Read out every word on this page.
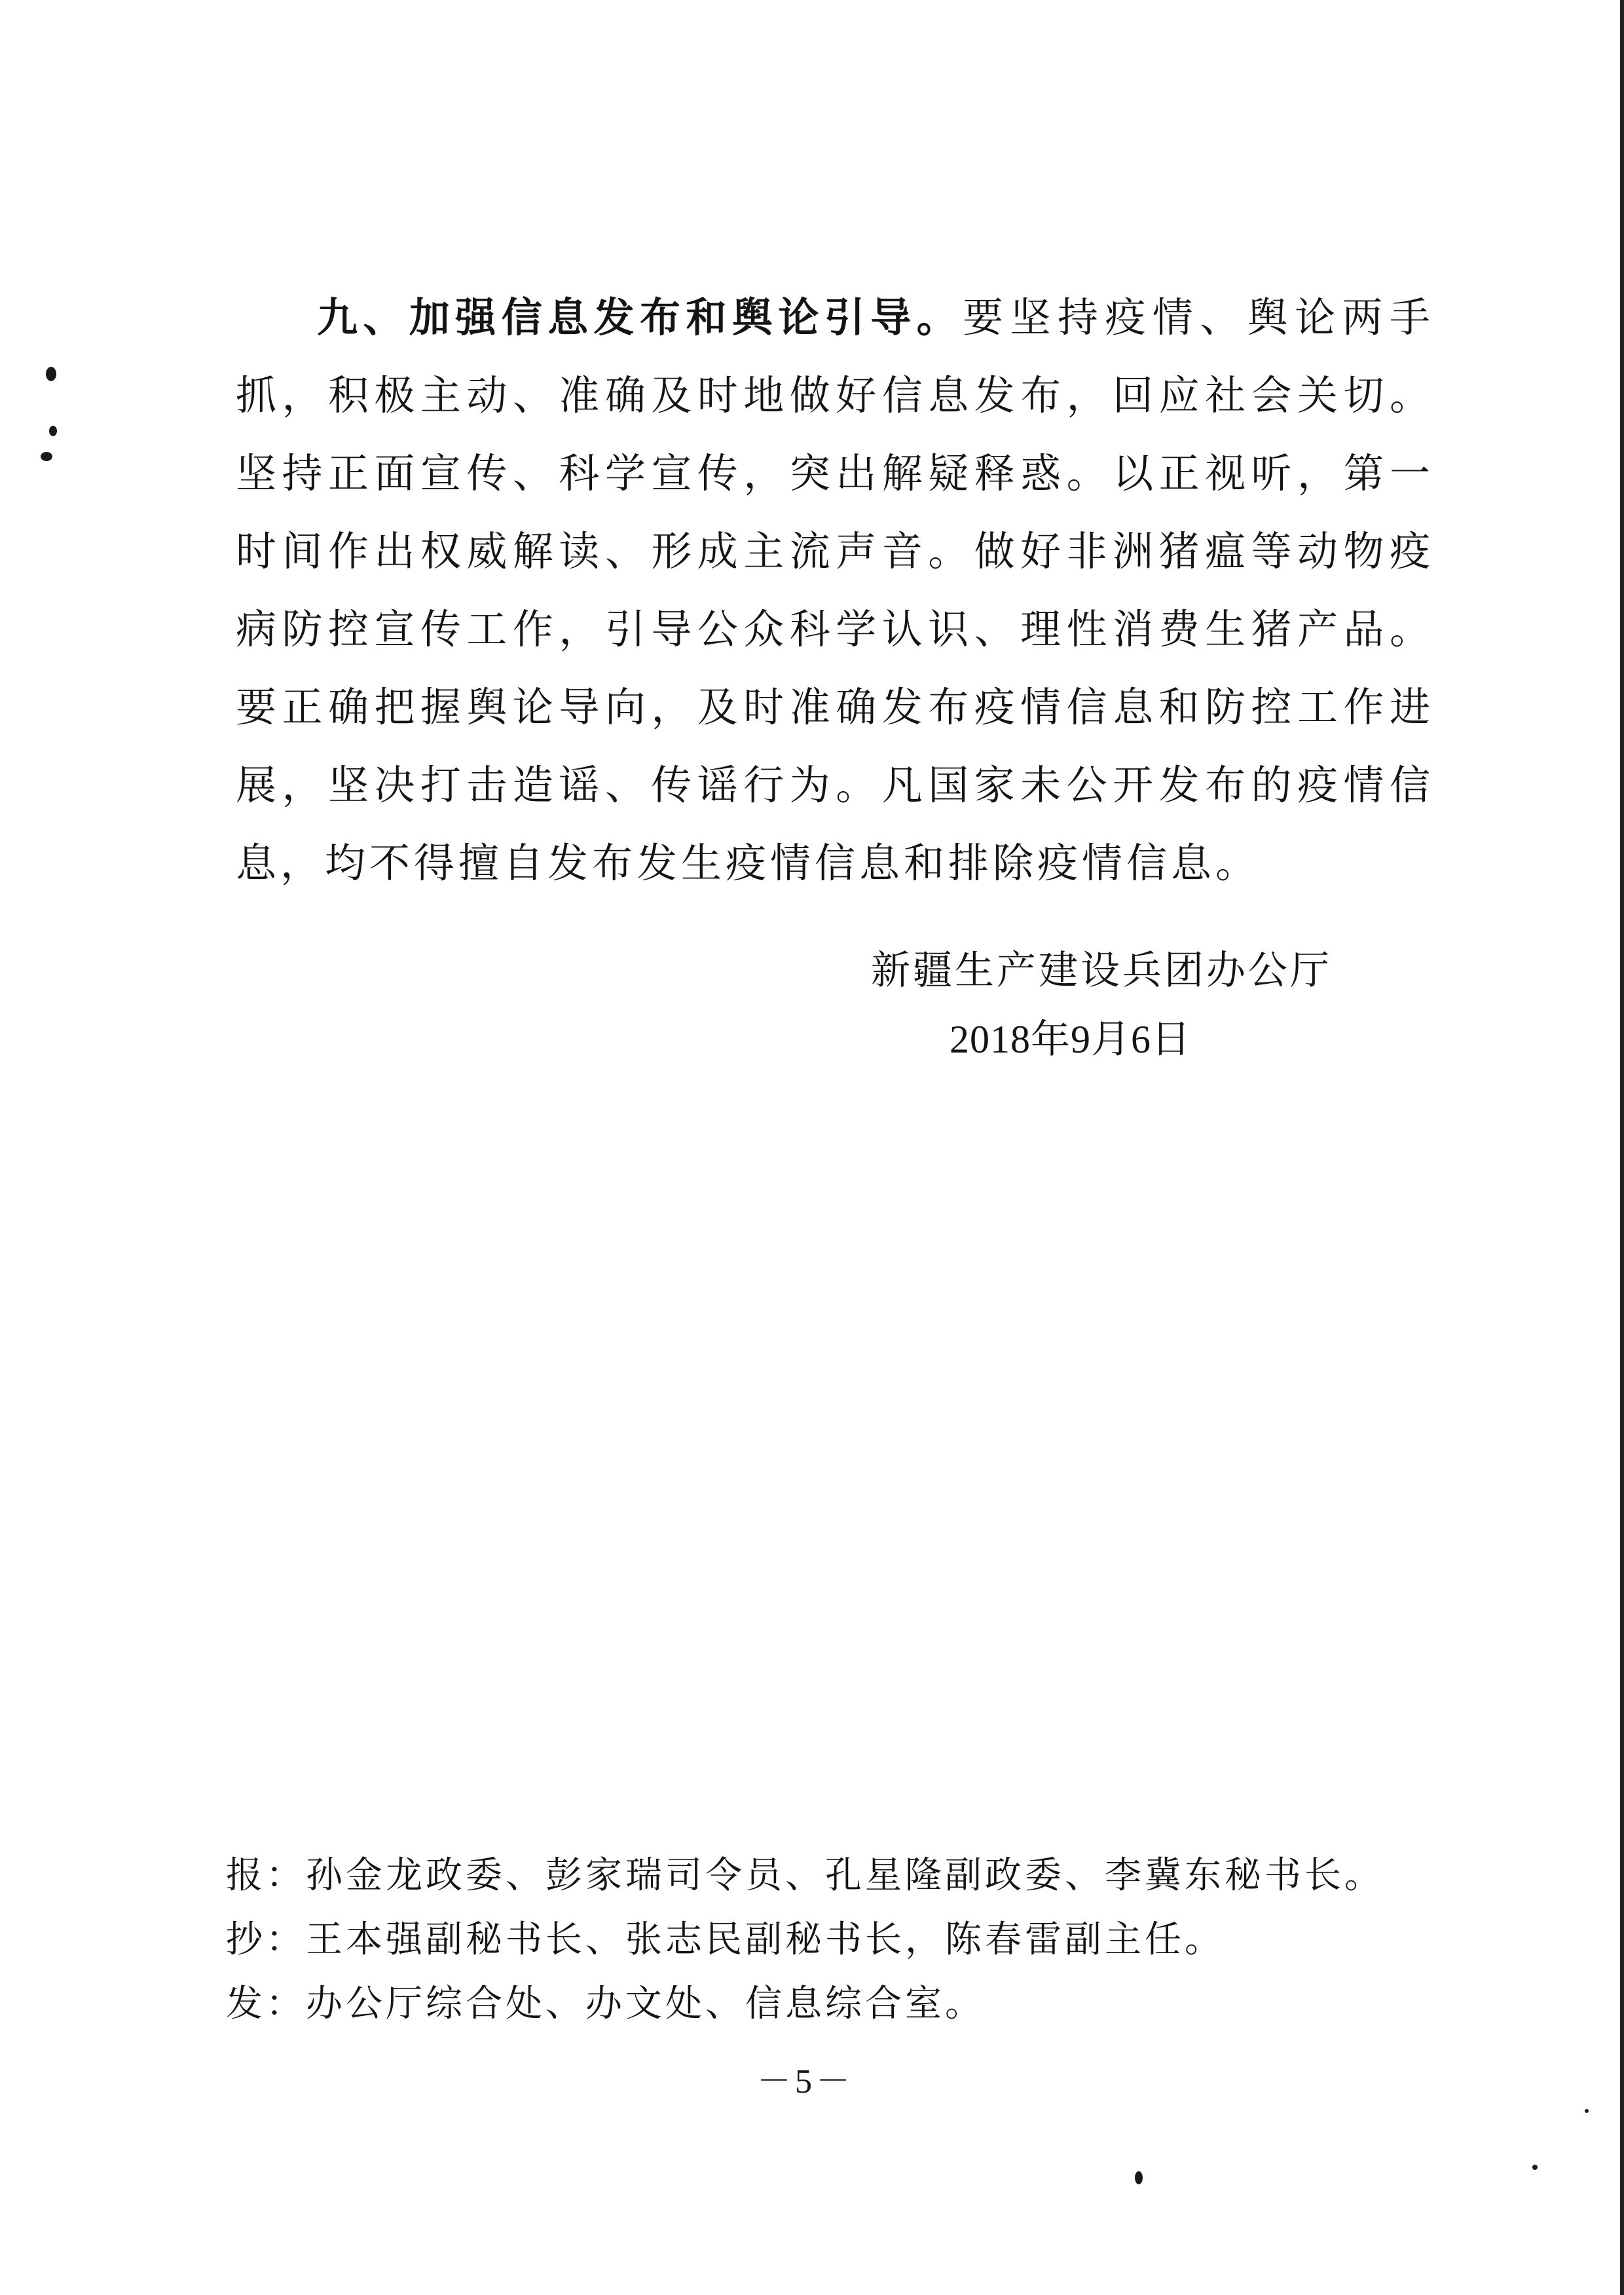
九、加强信息发布和舆论引导。要坚持疫情、舆论两手抓，积极主动、准确及时地做好信息发布，回应社会关切。坚持正面宣传、科学宣传，突出解疑释惑。以正视听，第一时间作出权威解读、形成主流声音。做好非洲猪瘟等动物疫病防控宣传工作，引导公众科学认识、理性消费生猪产品。要正确把握舆论导向，及时准确发布疫情信息和防控工作进展，坚决打击造谣、传谣行为。凡国家未公开发布的疫情信息，均不得擅自发布发生疫情信息和排除疫情信息。

新疆生产建设兵团办公厅
2018年9月6日
报：孙金龙政委、彭家瑞司令员、孔星隆副政委、李冀东秘书长。
抄：王本强副秘书长、张志民副秘书长，陈春雷副主任。
发：办公厅综合处、办文处、信息综合室。
－5－
